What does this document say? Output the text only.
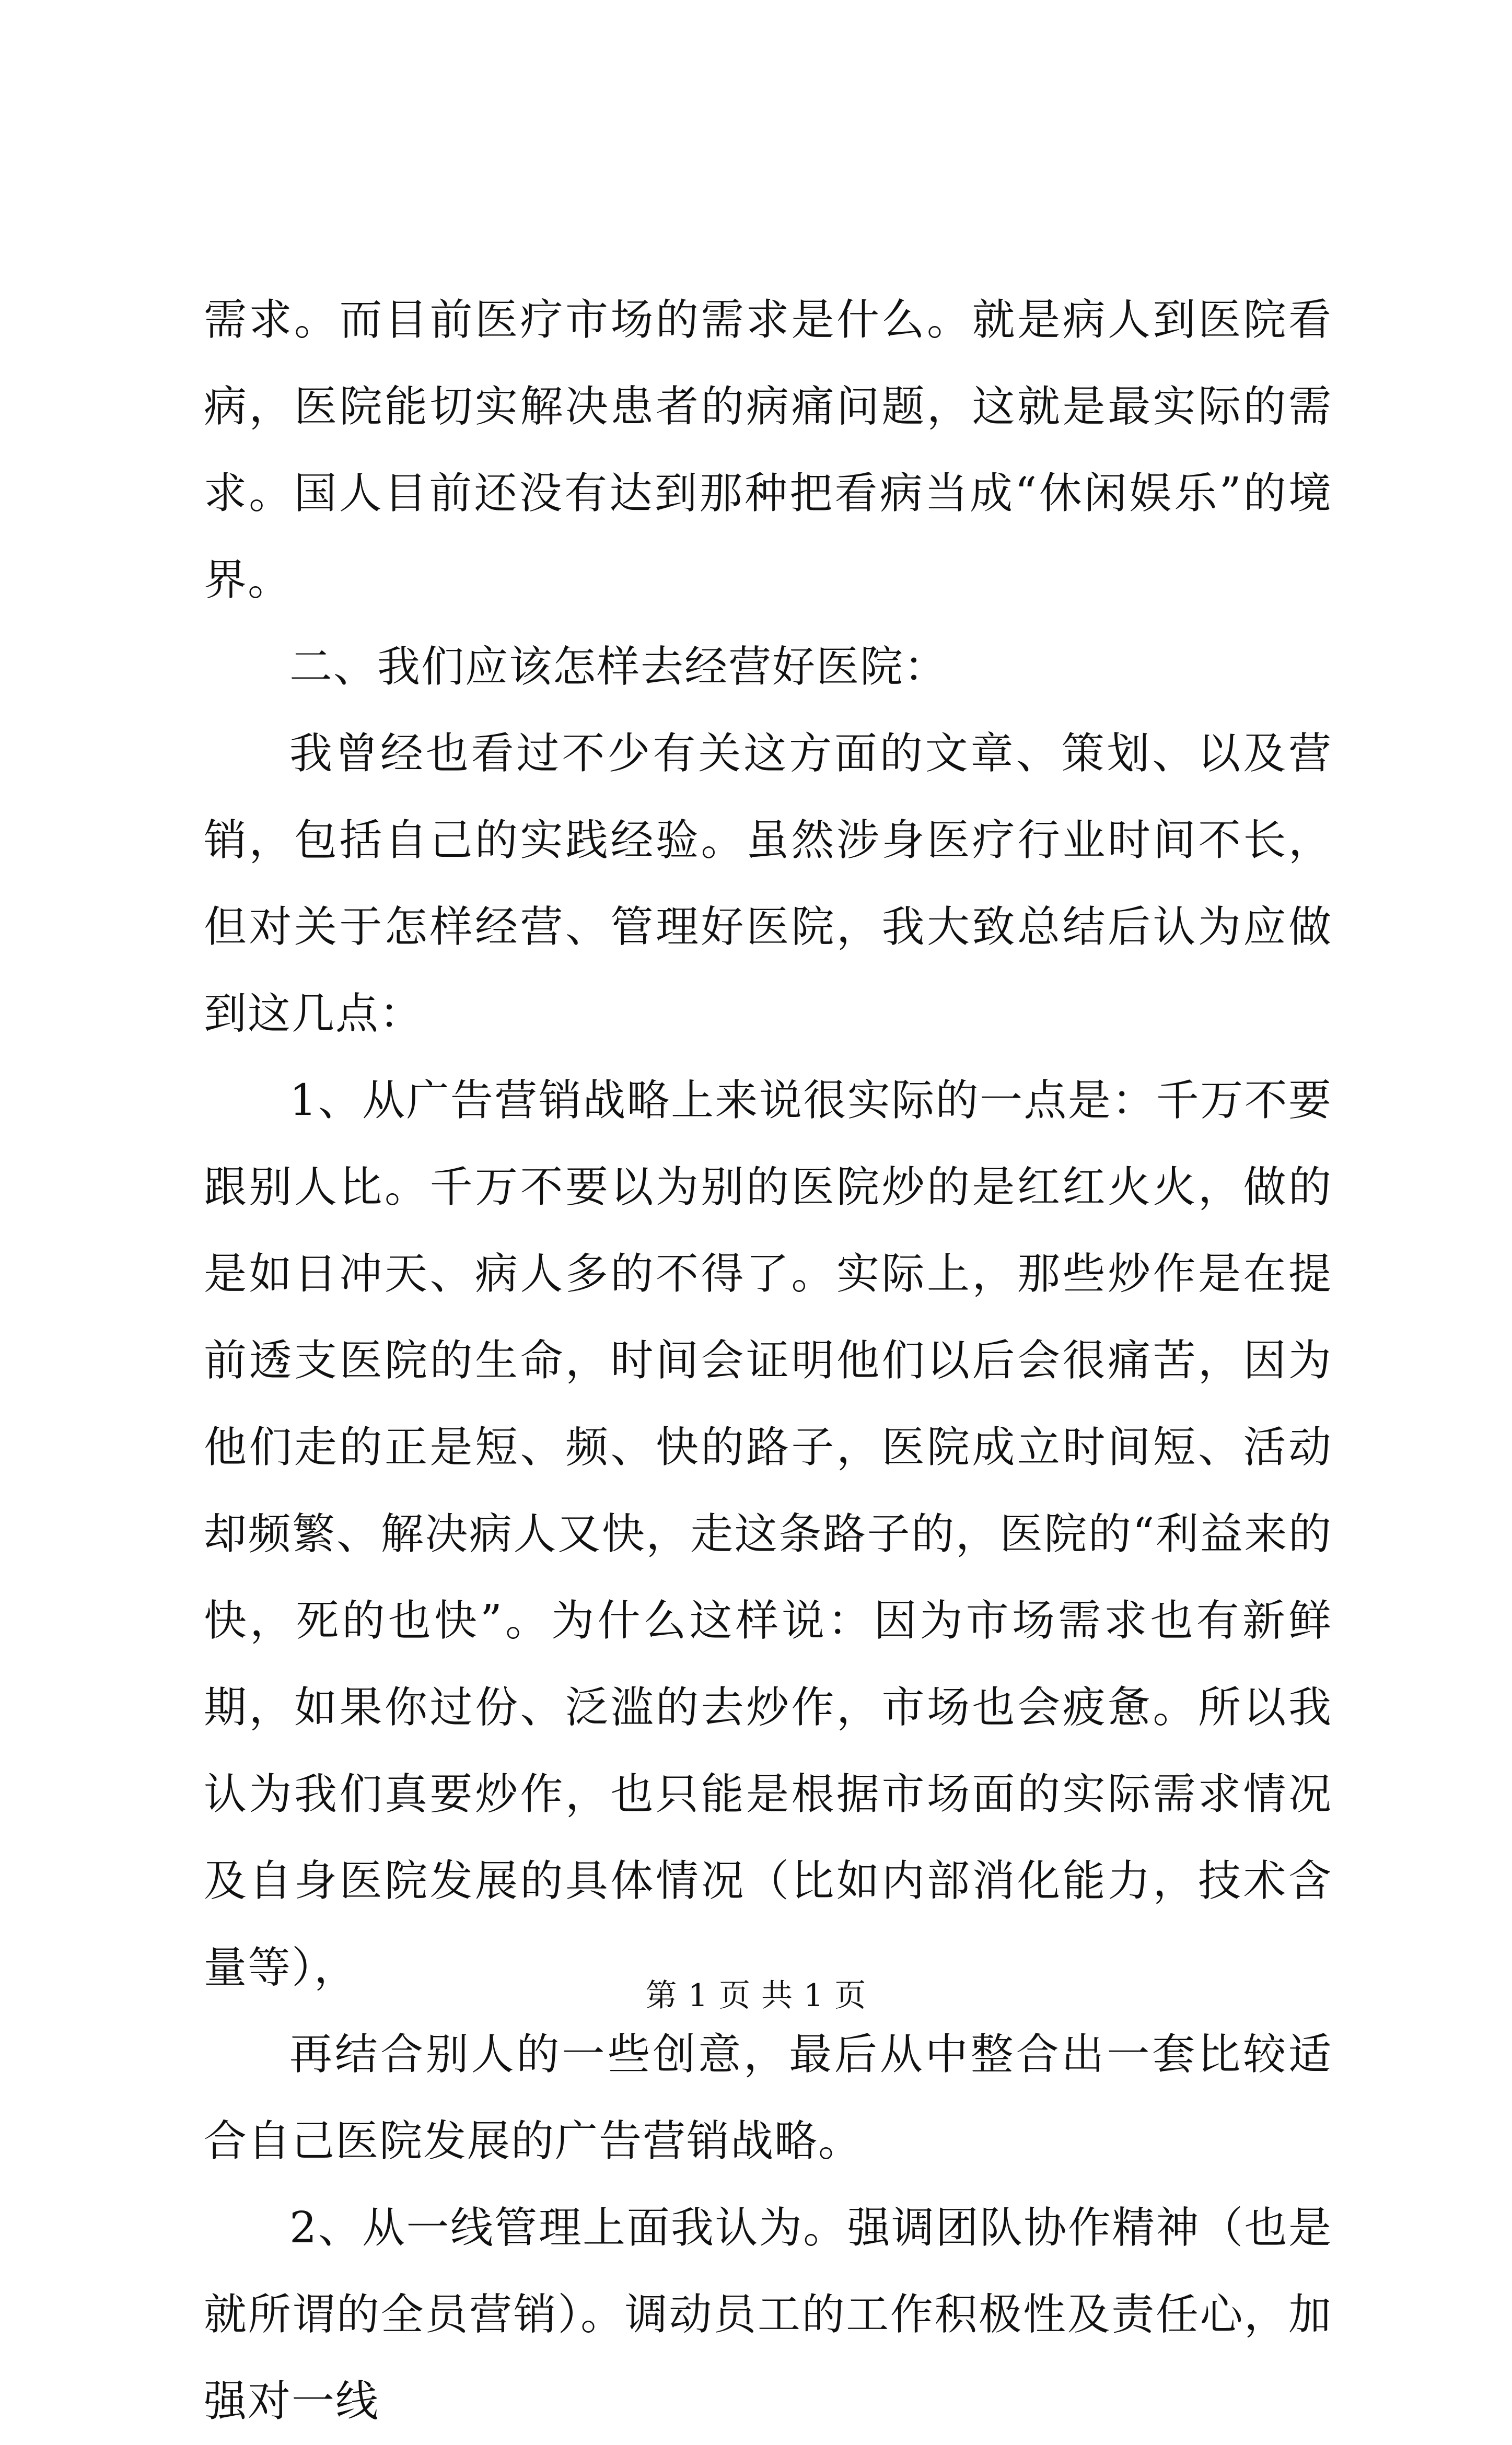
需求。而目前医疗市场的需求是什么。就是病人到医院看病，医院能切实解决患者的病痛问题，这就是最实际的需求。国人目前还没有达到那种把看病当成“休闲娱乐”的境界。

二、我们应该怎样去经营好医院：

我曾经也看过不少有关这方面的文章、策划、以及营销，包括自己的实践经验。虽然涉身医疗行业时间不长，但对关于怎样经营、管理好医院，我大致总结后认为应做到这几点：

1、从广告营销战略上来说很实际的一点是：千万不要跟别人比。千万不要以为别的医院炒的是红红火火，做的是如日冲天、病人多的不得了。实际上，那些炒作是在提前透支医院的生命，时间会证明他们以后会很痛苦，因为他们走的正是短、频、快的路子，医院成立时间短、活动却频繁、解决病人又快，走这条路子的，医院的“利益来的快，死的也快”。为什么这样说：因为市场需求也有新鲜期，如果你过份、泛滥的去炒作，市场也会疲惫。所以我认为我们真要炒作，也只能是根据市场面的实际需求情况及自身医院发展的具体情况（比如内部消化能力，技术含量等），

再结合别人的一些创意，最后从中整合出一套比较适合自己医院发展的广告营销战略。

2、从一线管理上面我认为。强调团队协作精神（也是就所谓的全员营销）。调动员工的工作积极性及责任心，加强对一线

第 1 页 共 1 页
